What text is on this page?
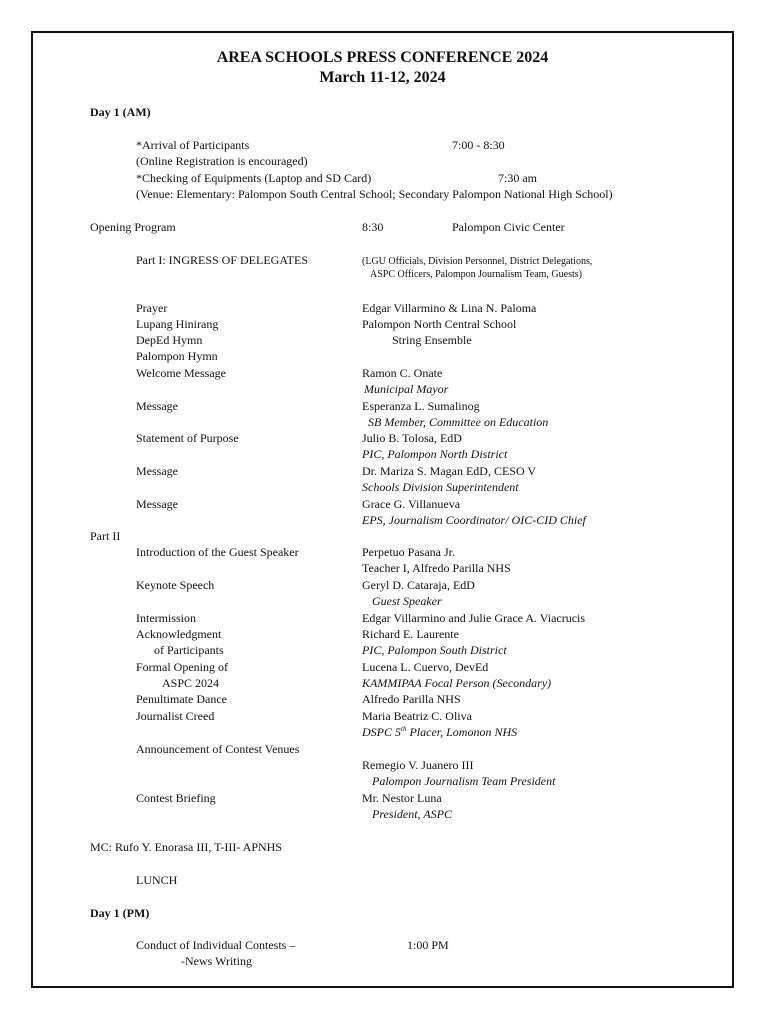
AREA SCHOOLS PRESS CONFERENCE 2024
March 11-12, 2024
Day 1 (AM)
*Arrival of Participants	7:00 - 8:30
(Online Registration is encouraged)
*Checking of Equipments (Laptop and SD Card)	7:30 am
(Venue: Elementary: Palompon South Central School; Secondary Palompon National High School)
Opening Program	8:30	Palompon Civic Center
Part I: INGRESS OF DELEGATES	(LGU Officials, Division Personnel, District Delegations,
ASPC Officers, Palompon Journalism Team, Guests)
Prayer	Edgar Villarmino & Lina N. Paloma
Lupang Hinirang	Palompon North Central School
DepEd Hymn	String Ensemble
Palompon Hymn
Welcome Message	Ramon C. Onate
Municipal Mayor
Message	Esperanza L. Sumalinog
SB Member, Committee on Education
Statement of Purpose	Julio B. Tolosa, EdD
PIC, Palompon North District
Message	Dr. Mariza S. Magan EdD, CESO V
Schools Division Superintendent
Message	Grace G. Villanueva
EPS, Journalism Coordinator/ OIC-CID Chief
Part II
Introduction of the Guest Speaker	Perpetuo Pasana Jr.
Teacher I, Alfredo Parilla NHS
Keynote Speech	Geryl D. Cataraja, EdD
Guest Speaker
Intermission	Edgar Villarmino and Julie Grace A. Viacrucis
Acknowledgment	Richard E. Laurente
of Participants	PIC, Palompon South District
Formal Opening of	Lucena L. Cuervo, DevEd
ASPC 2024	KAMMIPAA Focal Person (Secondary)
Penultimate Dance	Alfredo Parilla NHS
Journalist Creed	Maria Beatriz C. Oliva
DSPC 5th Placer, Lomonon NHS
Announcement of Contest Venues
Remegio V. Juanero III
Palompon Journalism Team President
Contest Briefing	Mr. Nestor Luna
President, ASPC
MC: Rufo Y. Enorasa III, T-III- APNHS
LUNCH
Day 1 (PM)
Conduct of Individual Contests –	1:00 PM
-News Writing
